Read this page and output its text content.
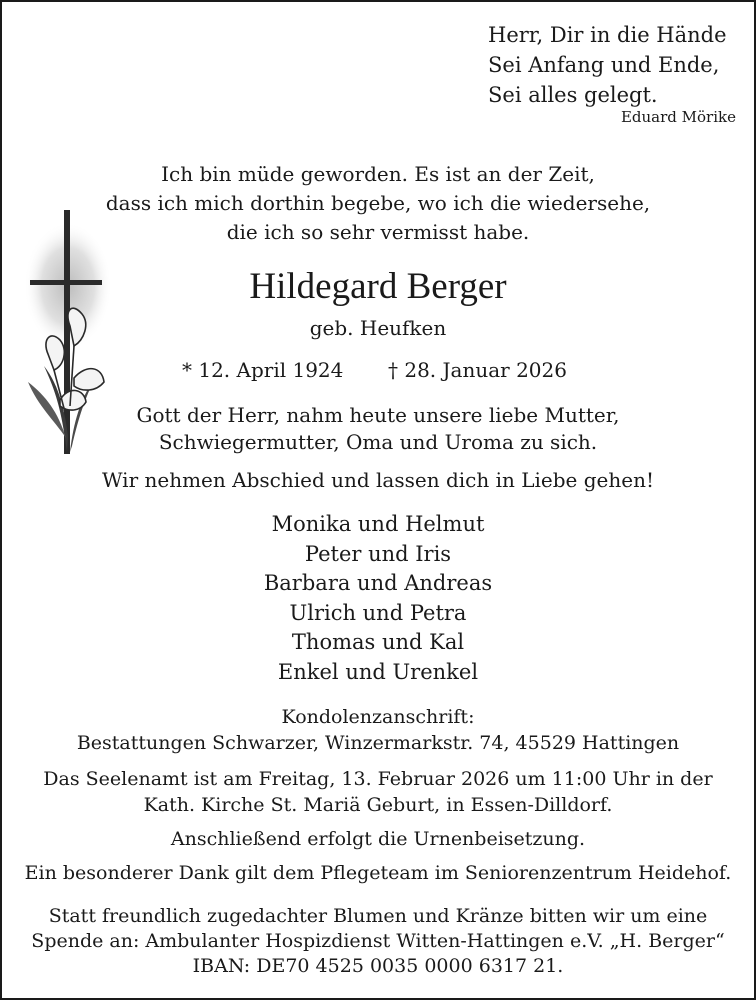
Herr, Dir in die Hände
Sei Anfang und Ende,
Sei alles gelegt.
Eduard Mörike
Ich bin müde geworden. Es ist an der Zeit,
dass ich mich dorthin begebe, wo ich die wiedersehe,
die ich so sehr vermisst habe.
Hildegard Berger
geb. Heufken
* 12. April 1924 † 28. Januar 2026
Gott der Herr, nahm heute unsere liebe Mutter,
Schwiegermutter, Oma und Uroma zu sich.
Wir nehmen Abschied und lassen dich in Liebe gehen!
Monika und Helmut
Peter und Iris
Barbara und Andreas
Ulrich und Petra
Thomas und Kal
Enkel und Urenkel
Kondolenzanschrift:
Bestattungen Schwarzer, Winzermarkstr. 74, 45529 Hattingen
Das Seelenamt ist am Freitag, 13. Februar 2026 um 11:00 Uhr in der
Kath. Kirche St. Mariä Geburt, in Essen-Dilldorf.
Anschließend erfolgt die Urnenbeisetzung.
Ein besonderer Dank gilt dem Pflegeteam im Seniorenzentrum Heidehof.
Statt freundlich zugedachter Blumen und Kränze bitten wir um eine
Spende an: Ambulanter Hospizdienst Witten-Hattingen e.V. „H. Berger“
IBAN: DE70 4525 0035 0000 6317 21.
